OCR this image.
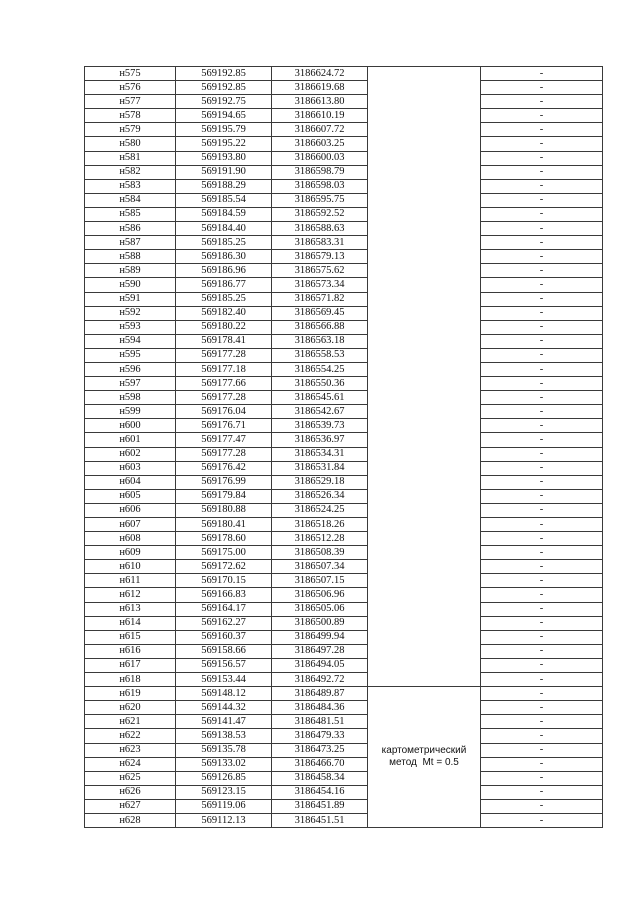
н575	569192.85	3186624.72		-
н576	569192.85	3186619.68		-
н577	569192.75	3186613.80		-
н578	569194.65	3186610.19		-
н579	569195.79	3186607.72		-
н580	569195.22	3186603.25		-
н581	569193.80	3186600.03		-
н582	569191.90	3186598.79		-
н583	569188.29	3186598.03		-
н584	569185.54	3186595.75		-
н585	569184.59	3186592.52		-
н586	569184.40	3186588.63		-
н587	569185.25	3186583.31		-
н588	569186.30	3186579.13		-
н589	569186.96	3186575.62		-
н590	569186.77	3186573.34		-
н591	569185.25	3186571.82		-
н592	569182.40	3186569.45		-
н593	569180.22	3186566.88		-
н594	569178.41	3186563.18		-
н595	569177.28	3186558.53		-
н596	569177.18	3186554.25		-
н597	569177.66	3186550.36		-
н598	569177.28	3186545.61		-
н599	569176.04	3186542.67		-
н600	569176.71	3186539.73		-
н601	569177.47	3186536.97		-
н602	569177.28	3186534.31		-
н603	569176.42	3186531.84		-
н604	569176.99	3186529.18		-
н605	569179.84	3186526.34		-
н606	569180.88	3186524.25		-
н607	569180.41	3186518.26		-
н608	569178.60	3186512.28		-
н609	569175.00	3186508.39		-
н610	569172.62	3186507.34		-
н611	569170.15	3186507.15		-
н612	569166.83	3186506.96		-
н613	569164.17	3186505.06		-
н614	569162.27	3186500.89		-
н615	569160.37	3186499.94		-
н616	569158.66	3186497.28		-
н617	569156.57	3186494.05		-
н618	569153.44	3186492.72		-
н619	569148.12	3186489.87	картометрический
метод  Mt = 0.5	-
н620	569144.32	3186484.36		-
н621	569141.47	3186481.51		-
н622	569138.53	3186479.33		-
н623	569135.78	3186473.25		-
н624	569133.02	3186466.70		-
н625	569126.85	3186458.34		-
н626	569123.15	3186454.16		-
н627	569119.06	3186451.89		-
н628	569112.13	3186451.51		-
